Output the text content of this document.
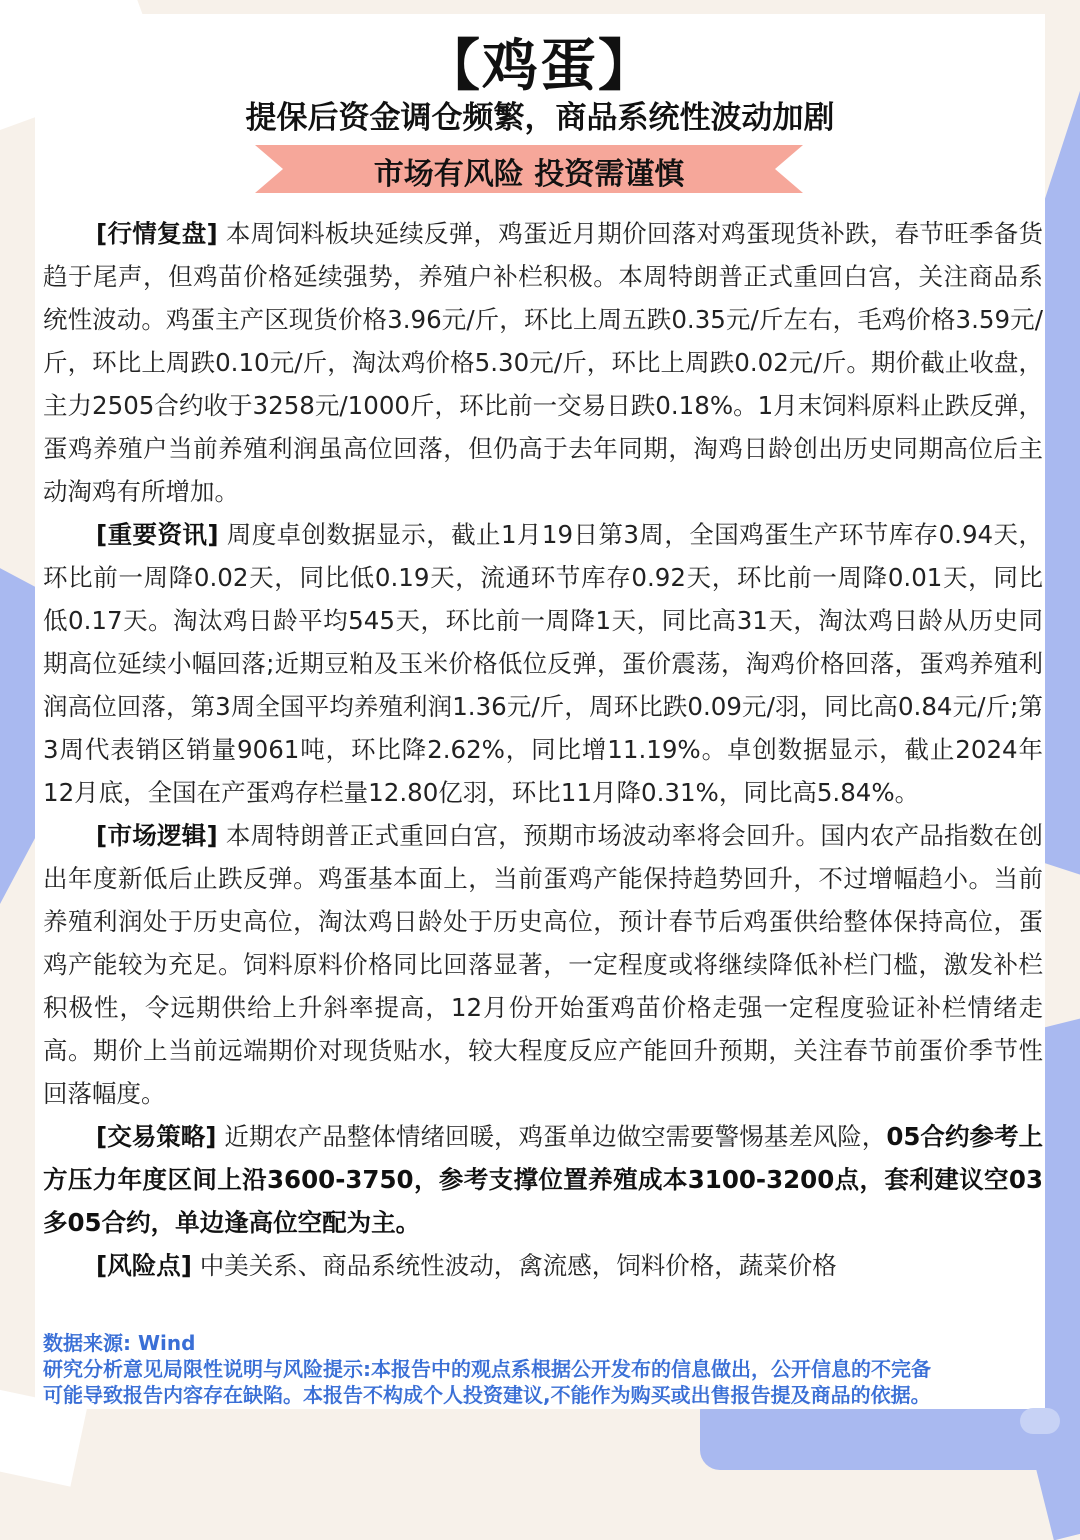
【鸡蛋】
提保后资金调仓频繁，商品系统性波动加剧
市场有风险 投资需谨慎

[行情复盘] 本周饲料板块延续反弹，鸡蛋近月期价回落对鸡蛋现货补跌，春节旺季备货趋于尾声，但鸡苗价格延续强势，养殖户补栏积极。本周特朗普正式重回白宫，关注商品系统性波动。鸡蛋主产区现货价格3.96元/斤，环比上周五跌0.35元/斤左右，毛鸡价格3.59元/斤，环比上周跌0.10元/斤，淘汰鸡价格5.30元/斤，环比上周跌0.02元/斤。期价截止收盘，主力2505合约收于3258元/1000斤，环比前一交易日跌0.18%。1月末饲料原料止跌反弹，蛋鸡养殖户当前养殖利润虽高位回落，但仍高于去年同期，淘鸡日龄创出历史同期高位后主动淘鸡有所增加。

[重要资讯] 周度卓创数据显示，截止1月19日第3周，全国鸡蛋生产环节库存0.94天，环比前一周降0.02天，同比低0.19天，流通环节库存0.92天，环比前一周降0.01天，同比低0.17天。淘汰鸡日龄平均545天，环比前一周降1天，同比高31天，淘汰鸡日龄从历史同期高位延续小幅回落;近期豆粕及玉米价格低位反弹，蛋价震荡，淘鸡价格回落，蛋鸡养殖利润高位回落，第3周全国平均养殖利润1.36元/斤，周环比跌0.09元/羽，同比高0.84元/斤;第3周代表销区销量9061吨，环比降2.62%，同比增11.19%。卓创数据显示，截止2024年12月底，全国在产蛋鸡存栏量12.80亿羽，环比11月降0.31%，同比高5.84%。

[市场逻辑] 本周特朗普正式重回白宫，预期市场波动率将会回升。国内农产品指数在创出年度新低后止跌反弹。鸡蛋基本面上，当前蛋鸡产能保持趋势回升，不过增幅趋小。当前养殖利润处于历史高位，淘汰鸡日龄处于历史高位，预计春节后鸡蛋供给整体保持高位，蛋鸡产能较为充足。饲料原料价格同比回落显著，一定程度或将继续降低补栏门槛，激发补栏积极性，令远期供给上升斜率提高，12月份开始蛋鸡苗价格走强一定程度验证补栏情绪走高。期价上当前远端期价对现货贴水，较大程度反应产能回升预期，关注春节前蛋价季节性回落幅度。

[交易策略] 近期农产品整体情绪回暖，鸡蛋单边做空需要警惕基差风险，05合约参考上方压力年度区间上沿3600-3750，参考支撑位置养殖成本3100-3200点，套利建议空03多05合约，单边逢高位空配为主。

[风险点] 中美关系、商品系统性波动，禽流感，饲料价格，蔬菜价格

数据来源: Wind

研究分析意见局限性说明与风险提示:本报告中的观点系根据公开发布的信息做出，公开信息的不完备

可能导致报告内容存在缺陷。本报告不构成个人投资建议,不能作为购买或出售报告提及商品的依据。
